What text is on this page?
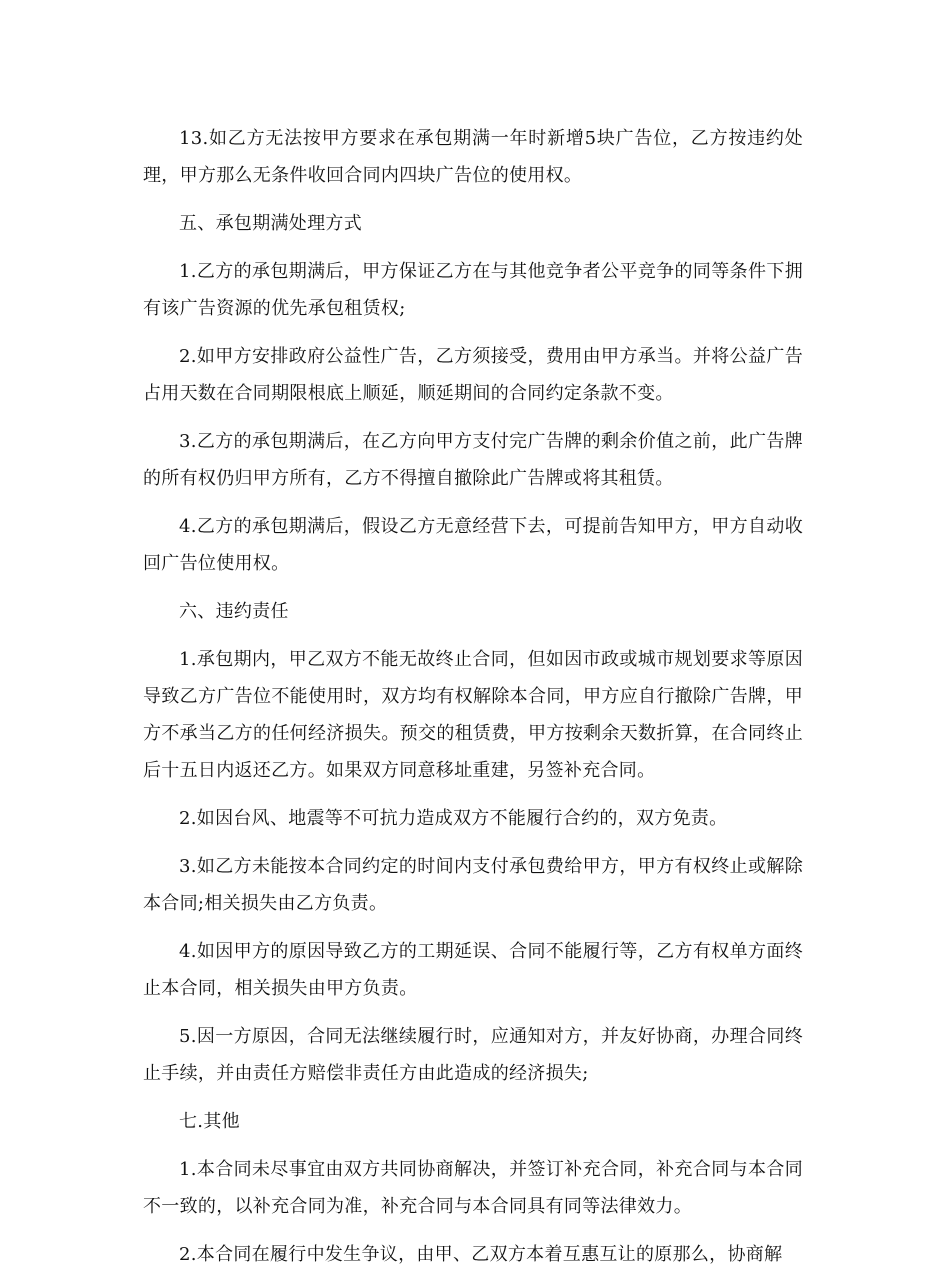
13.如乙方无法按甲方要求在承包期满一年时新增5块广告位，乙方按违约处理，甲方那么无条件收回合同内四块广告位的使用权。

五、承包期满处理方式

1.乙方的承包期满后，甲方保证乙方在与其他竞争者公平竞争的同等条件下拥有该广告资源的优先承包租赁权;

2.如甲方安排政府公益性广告，乙方须接受，费用由甲方承当。并将公益广告占用天数在合同期限根底上顺延，顺延期间的合同约定条款不变。

3.乙方的承包期满后，在乙方向甲方支付完广告牌的剩余价值之前，此广告牌的所有权仍归甲方所有，乙方不得擅自撤除此广告牌或将其租赁。

4.乙方的承包期满后，假设乙方无意经营下去，可提前告知甲方，甲方自动收回广告位使用权。

六、违约责任

1.承包期内，甲乙双方不能无故终止合同，但如因市政或城市规划要求等原因导致乙方广告位不能使用时，双方均有权解除本合同，甲方应自行撤除广告牌，甲方不承当乙方的任何经济损失。预交的租赁费，甲方按剩余天数折算，在合同终止后十五日内返还乙方。如果双方同意移址重建，另签补充合同。

2.如因台风、地震等不可抗力造成双方不能履行合约的，双方免责。

3.如乙方未能按本合同约定的时间内支付承包费给甲方，甲方有权终止或解除本合同;相关损失由乙方负责。

4.如因甲方的原因导致乙方的工期延误、合同不能履行等，乙方有权单方面终止本合同，相关损失由甲方负责。

5.因一方原因，合同无法继续履行时，应通知对方，并友好协商，办理合同终止手续，并由责任方赔偿非责任方由此造成的经济损失;

七.其他

1.本合同未尽事宜由双方共同协商解决，并签订补充合同，补充合同与本合同不一致的，以补充合同为准，补充合同与本合同具有同等法律效力。

2.本合同在履行中发生争议，由甲、乙双方本着互惠互让的原那么，协商解
